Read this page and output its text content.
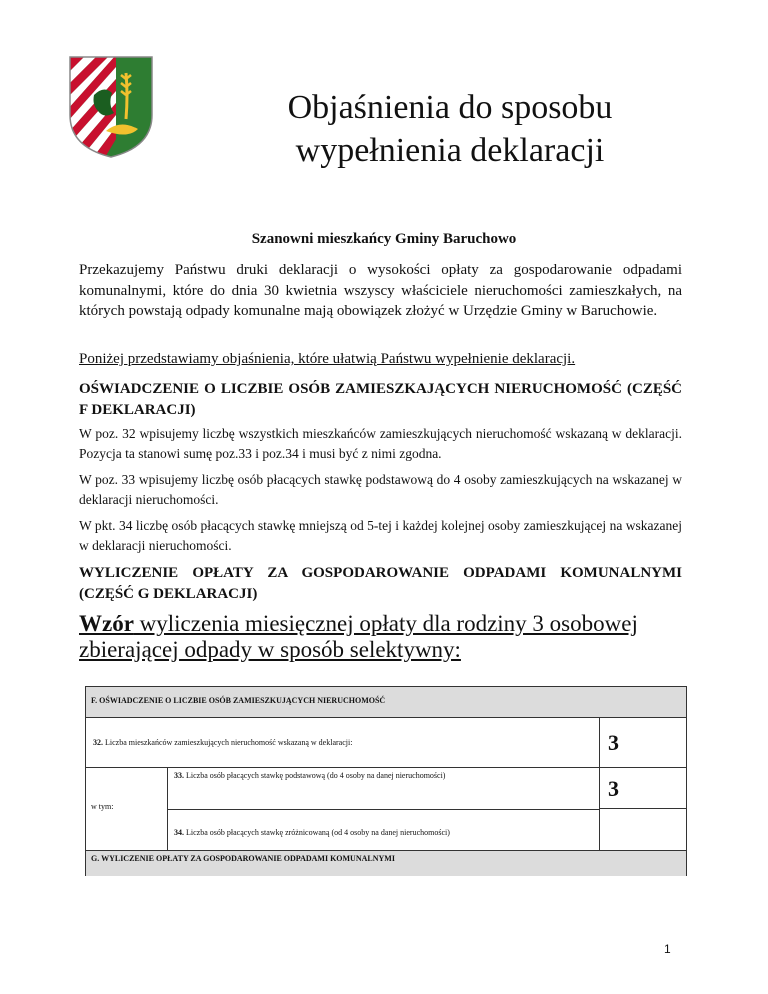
Objaśnienia do sposobu
wypełnienia deklaracji
Szanowni mieszkańcy Gminy Baruchowo
Przekazujemy Państwu druki deklaracji o wysokości opłaty za gospodarowanie odpadami komunalnymi, które do dnia 30 kwietnia wszyscy właściciele nieruchomości zamieszkałych, na których powstają odpady komunalne mają obowiązek złożyć w Urzędzie Gminy w Baruchowie.
Poniżej przedstawiamy objaśnienia, które ułatwią Państwu wypełnienie deklaracji.
OŚWIADCZENIE O LICZBIE OSÓB ZAMIESZKAJĄCYCH NIERUCHOMOŚĆ (CZĘŚĆ F DEKLARACJI)
W poz. 32 wpisujemy liczbę wszystkich mieszkańców zamieszkujących nieruchomość wskazaną w deklaracji. Pozycja ta stanowi sumę poz.33 i poz.34 i musi być z nimi zgodna.
W poz. 33 wpisujemy liczbę osób płacących stawkę podstawową do 4 osoby zamieszkujących na wskazanej w deklaracji nieruchomości.
W pkt. 34 liczbę osób płacących stawkę mniejszą od 5-tej i każdej kolejnej osoby zamieszkującej na wskazanej w deklaracji nieruchomości.
WYLICZENIE OPŁATY ZA GOSPODAROWANIE ODPADAMI KOMUNALNYMI (CZĘŚĆ G DEKLARACJI)
Wzór wyliczenia miesięcznej opłaty dla rodziny 3 osobowej zbierającej odpady w sposób selektywny:
F. OŚWIADCZENIE O LICZBIE OSÓB ZAMIESZKUJĄCYCH NIERUCHOMOŚĆ
32. Liczba mieszkańców zamieszkujących nieruchomość wskazaną w deklaracji:	3
w tym:
33. Liczba osób płacących stawkę podstawową (do 4 osoby na danej nieruchomości)
3
34. Liczba osób płacących stawkę zróżnicowaną (od 4 osoby na danej nieruchomości)
G. WYLICZENIE OPŁATY ZA GOSPODAROWANIE ODPADAMI KOMUNALNYMI
1
